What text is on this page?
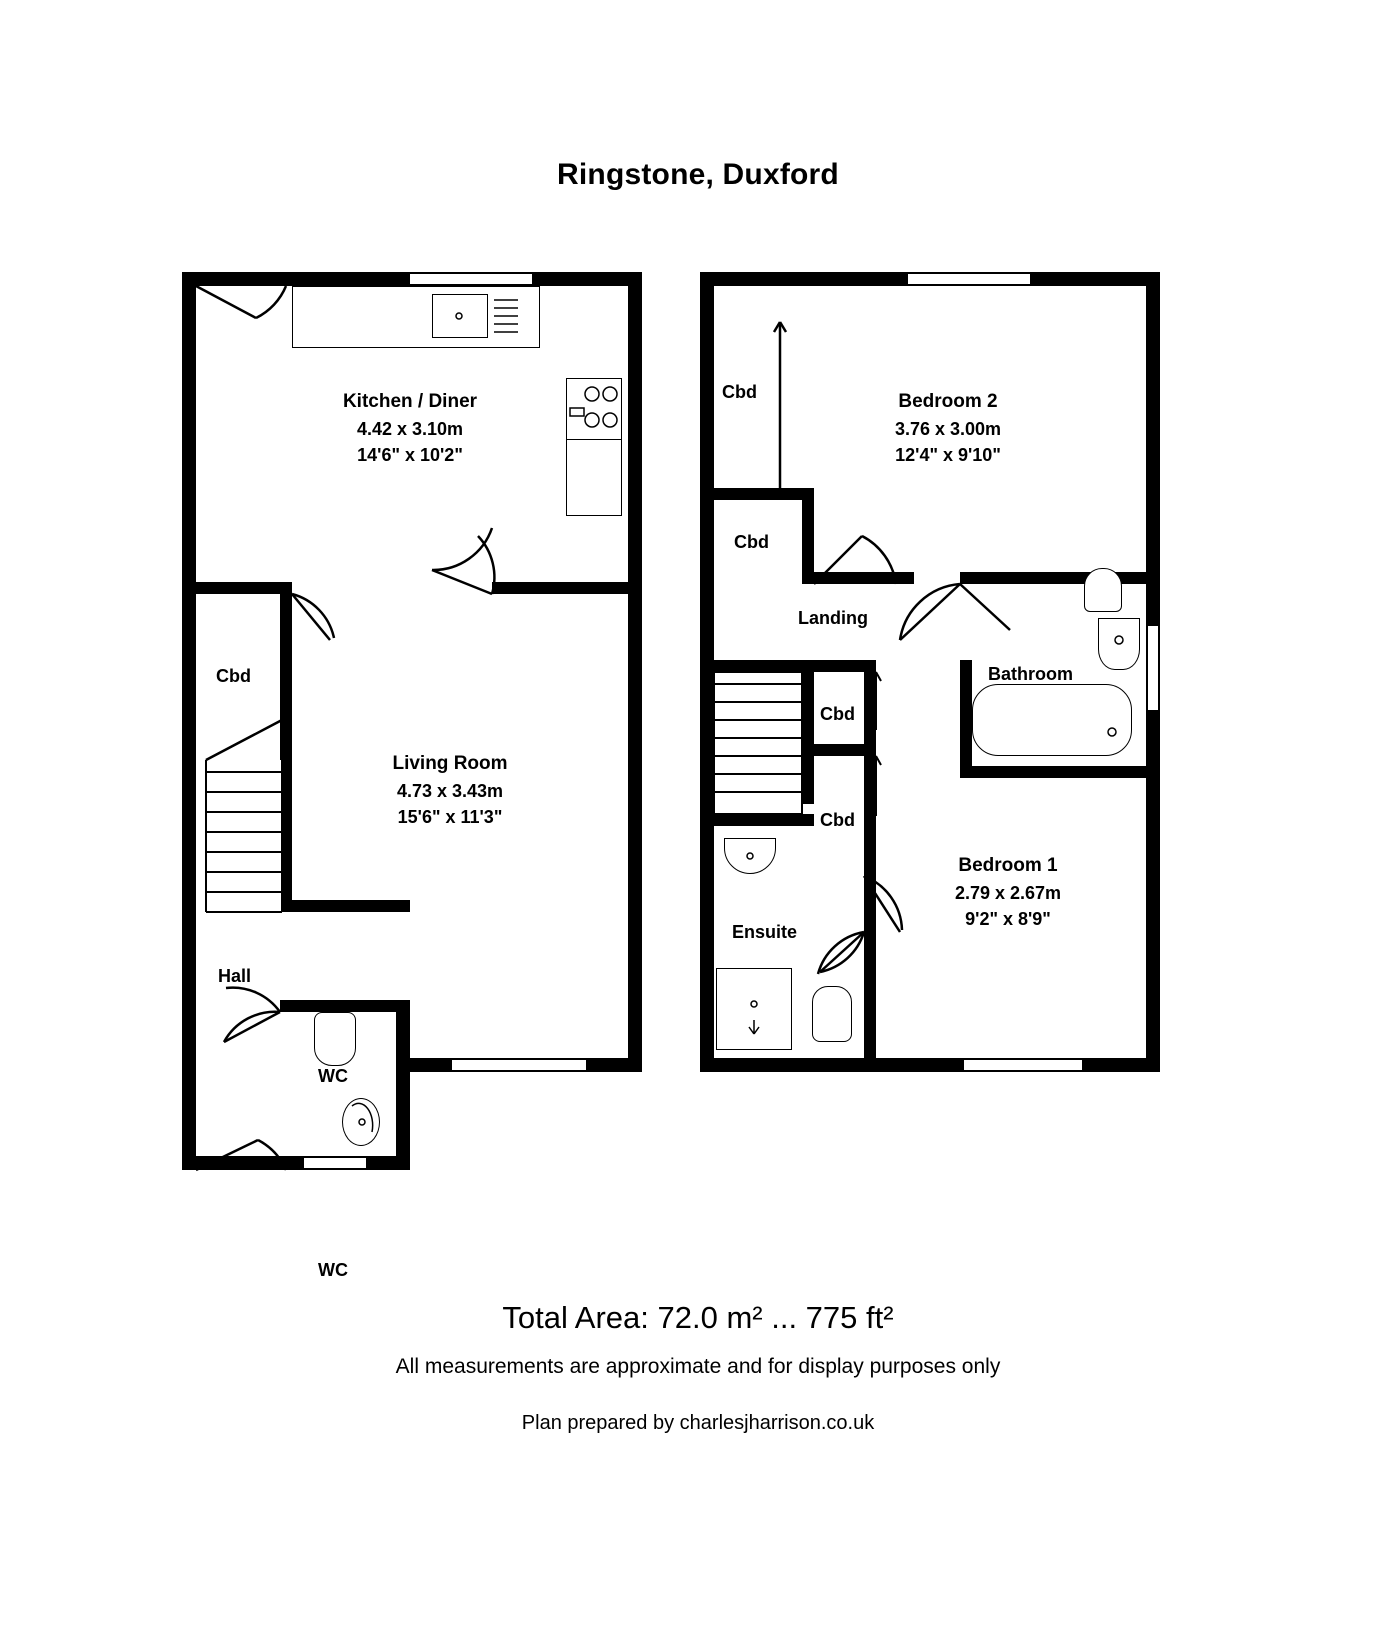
Ringstone, Duxford
Kitchen / Diner
4.42 x 3.10m
14'6" x 10'2"
Living Room
4.73 x 3.43m
15'6" x 11'3"
Cbd
Hall
WC
WC
Bedroom 2
3.76 x 3.00m
12'4" x 9'10"
Bedroom 1
2.79 x 2.67m
9'2" x 8'9"
Cbd
Cbd
Landing
Bathroom
Cbd
Cbd
Ensuite
Total Area: 72.0 m² ... 775 ft²
All measurements are approximate and for display purposes only
Plan prepared by charlesjharrison.co.uk
